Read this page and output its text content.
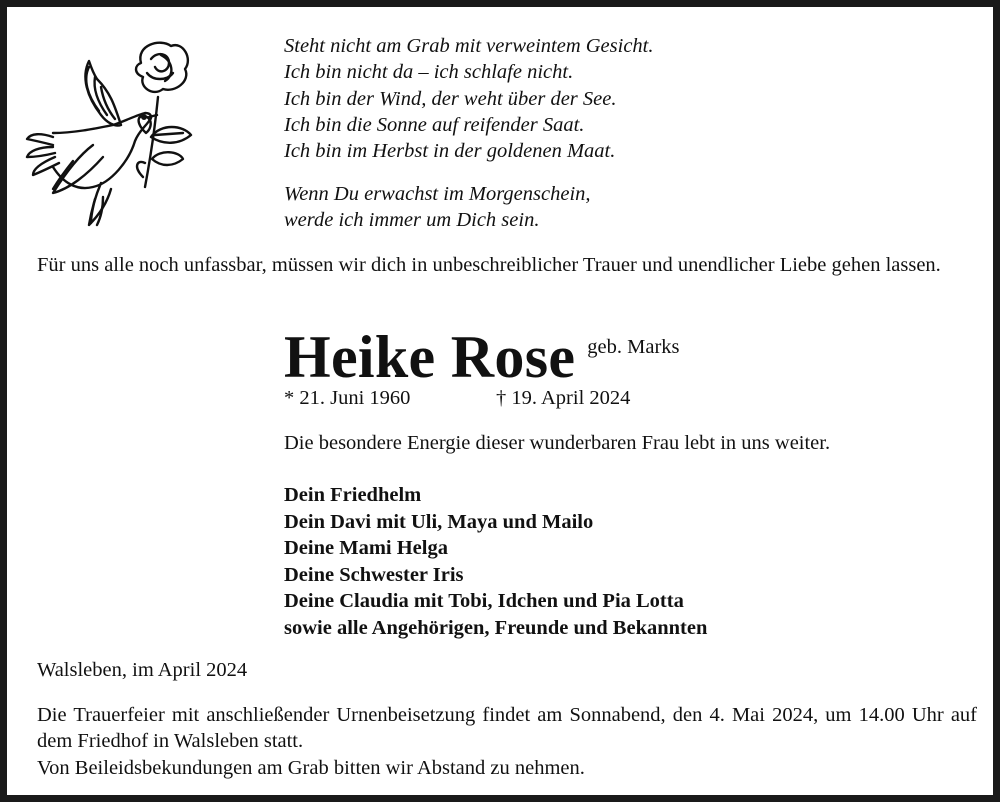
Steht nicht am Grab mit verweintem Gesicht.
Ich bin nicht da – ich schlafe nicht.
Ich bin der Wind, der weht über der See.
Ich bin die Sonne auf reifender Saat.
Ich bin im Herbst in der goldenen Maat.
Wenn Du erwachst im Morgenschein,
werde ich immer um Dich sein.

Für uns alle noch unfassbar, müssen wir dich in unbeschreiblicher Trauer und unendlicher Liebe gehen lassen.

Heike Rose geb. Marks
* 21. Juni 1960	† 19. April 2024
Die besondere Energie dieser wunderbaren Frau lebt in uns weiter.
Dein Friedhelm
Dein Davi mit Uli, Maya und Mailo
Deine Mami Helga
Deine Schwester Iris
Deine Claudia mit Tobi, Idchen und Pia Lotta
sowie alle Angehörigen, Freunde und Bekannten
Walsleben, im April 2024

Die Trauerfeier mit anschließender Urnenbeisetzung findet am Sonnabend, den 4. Mai 2024, um 14.00 Uhr auf dem Friedhof in Walsleben statt.

Von Beileidsbekundungen am Grab bitten wir Abstand zu nehmen.
